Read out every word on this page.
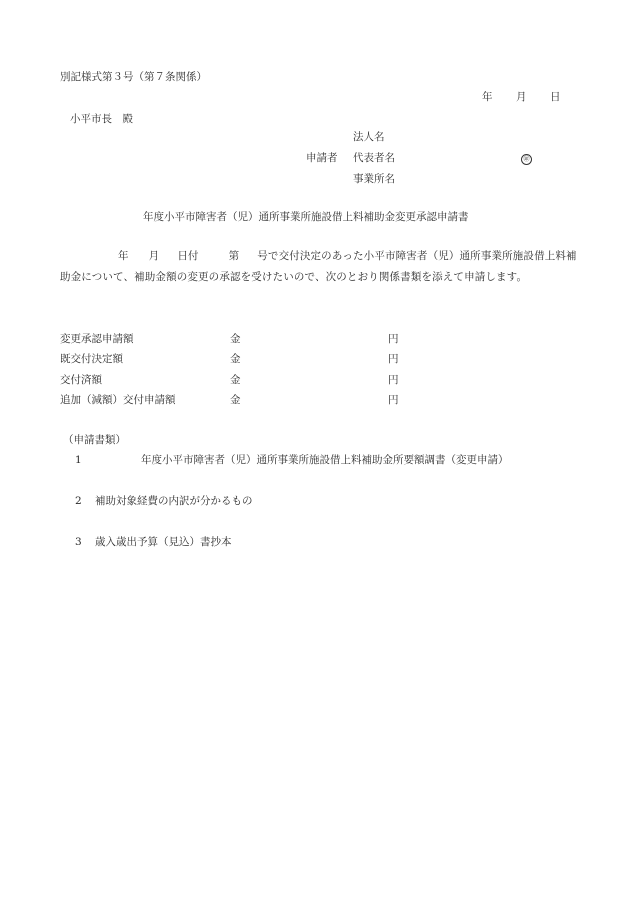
別記様式第３号（第７条関係）
年 月 日
小平市長　殿
法人名
申請者 代表者名	㊞
事業所名
年度小平市障害者（児）通所事業所施設借上料補助金変更承認申請書
年 月 日付	第 号で交付決定のあった小平市障害者（児）通所事業所施設借上料補助金について、補助金額の変更の承認を受けたいので、次のとおり関係書類を添えて申請します。
変更承認申請額	金	円
既交付決定額	金	円
交付済額	金	円
追加（減額）交付申請額	金	円
（申請書類）
1	年度小平市障害者（児）通所事業所施設借上料補助金所要額調書（変更申請）
2 補助対象経費の内訳が分かるもの
3 歳入歳出予算（見込）書抄本
